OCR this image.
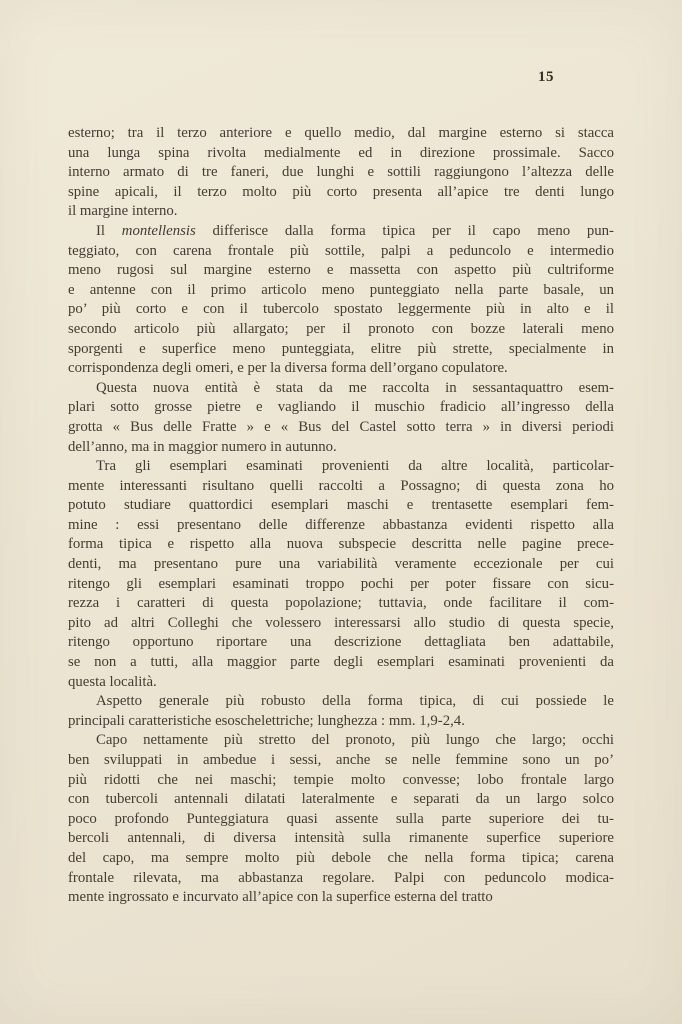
15
esterno; tra il terzo anteriore e quello medio, dal margine esterno si stacca
una lunga spina rivolta medialmente ed in direzione prossimale. Sacco
interno armato di tre faneri, due lunghi e sottili raggiungono l’altezza delle
spine apicali, il terzo molto più corto presenta all’apice tre denti lungo
il margine interno.
Il montellensis differisce dalla forma tipica per il capo meno pun-
teggiato, con carena frontale più sottile, palpi a peduncolo e intermedio
meno rugosi sul margine esterno e massetta con aspetto più cultriforme
e antenne con il primo articolo meno punteggiato nella parte basale, un
po’ più corto e con il tubercolo spostato leggermente più in alto e il
secondo articolo più allargato; per il pronoto con bozze laterali meno
sporgenti e superfice meno punteggiata, elitre più strette, specialmente in
corrispondenza degli omeri, e per la diversa forma dell’organo copulatore.
Questa nuova entità è stata da me raccolta in sessantaquattro esem-
plari sotto grosse pietre e vagliando il muschio fradicio all’ingresso della
grotta « Bus delle Fratte » e « Bus del Castel sotto terra » in diversi periodi
dell’anno, ma in maggior numero in autunno.
Tra gli esemplari esaminati provenienti da altre località, particolar-
mente interessanti risultano quelli raccolti a Possagno; di questa zona ho
potuto studiare quattordici esemplari maschi e trentasette esemplari fem-
mine : essi presentano delle differenze abbastanza evidenti rispetto alla
forma tipica e rispetto alla nuova subspecie descritta nelle pagine prece-
denti, ma presentano pure una variabilità veramente eccezionale per cui
ritengo gli esemplari esaminati troppo pochi per poter fissare con sicu-
rezza i caratteri di questa popolazione; tuttavia, onde facilitare il com-
pito ad altri Colleghi che volessero interessarsi allo studio di questa specie,
ritengo opportuno riportare una descrizione dettagliata ben adattabile,
se non a tutti, alla maggior parte degli esemplari esaminati provenienti da
questa località.
Aspetto generale più robusto della forma tipica, di cui possiede le
principali caratteristiche esoschelettriche; lunghezza : mm. 1,9-2,4.
Capo nettamente più stretto del pronoto, più lungo che largo; occhi
ben sviluppati in ambedue i sessi, anche se nelle femmine sono un po’
più ridotti che nei maschi; tempie molto convesse; lobo frontale largo
con tubercoli antennali dilatati lateralmente e separati da un largo solco
poco profondo Punteggiatura quasi assente sulla parte superiore dei tu-
bercoli antennali, di diversa intensità sulla rimanente superfice superiore
del capo, ma sempre molto più debole che nella forma tipica; carena
frontale rilevata, ma abbastanza regolare. Palpi con peduncolo modica-
mente ingrossato e incurvato all’apice con la superfice esterna del tratto
